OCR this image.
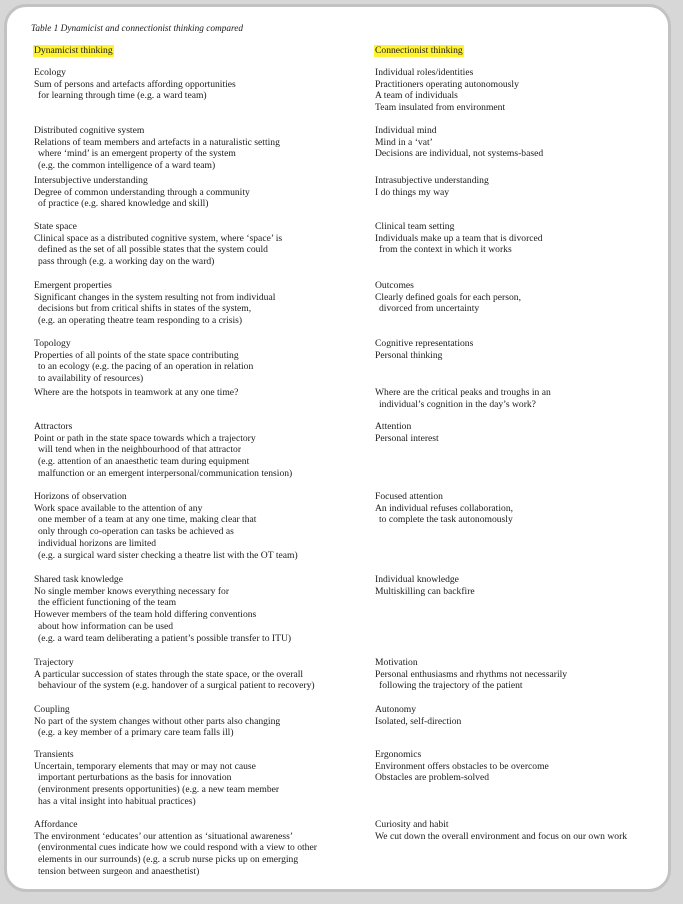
Table 1 Dynamicist and connectionist thinking compared
Dynamicist thinking	Connectionist thinking
Ecology
Sum of persons and artefacts affording opportunities
for learning through time (e.g. a ward team)
Individual roles/identities
Practitioners operating autonomously
A team of individuals
Team insulated from environment
Distributed cognitive system
Relations of team members and artefacts in a naturalistic setting
where ‘mind’ is an emergent property of the system
(e.g. the common intelligence of a ward team)
Individual mind
Mind in a ‘vat’
Decisions are individual, not systems-based
Intersubjective understanding
Degree of common understanding through a community
of practice (e.g. shared knowledge and skill)
Intrasubjective understanding
I do things my way
State space
Clinical space as a distributed cognitive system, where ‘space’ is
defined as the set of all possible states that the system could
pass through (e.g. a working day on the ward)
Clinical team setting
Individuals make up a team that is divorced
from the context in which it works
Emergent properties
Significant changes in the system resulting not from individual
decisions but from critical shifts in states of the system,
(e.g. an operating theatre team responding to a crisis)
Outcomes
Clearly defined goals for each person,
divorced from uncertainty
Topology
Properties of all points of the state space contributing
to an ecology (e.g. the pacing of an operation in relation
to availability of resources)
Cognitive representations
Personal thinking
Where are the hotspots in teamwork at any one time?	Where are the critical peaks and troughs in an
individual’s cognition in the day’s work?
Attractors
Point or path in the state space towards which a trajectory
will tend when in the neighbourhood of that attractor
(e.g. attention of an anaesthetic team during equipment
malfunction or an emergent interpersonal/communication tension)
Attention
Personal interest
Horizons of observation
Work space available to the attention of any
one member of a team at any one time, making clear that
only through co-operation can tasks be achieved as
individual horizons are limited
(e.g. a surgical ward sister checking a theatre list with the OT team)
Focused attention
An individual refuses collaboration,
to complete the task autonomously
Shared task knowledge
No single member knows everything necessary for
the efficient functioning of the team
However members of the team hold differing conventions
about how information can be used
(e.g. a ward team deliberating a patient’s possible transfer to ITU)
Individual knowledge
Multiskilling can backfire
Trajectory
A particular succession of states through the state space, or the overall
behaviour of the system (e.g. handover of a surgical patient to recovery)
Motivation
Personal enthusiasms and rhythms not necessarily
following the trajectory of the patient
Coupling
No part of the system changes without other parts also changing
(e.g. a key member of a primary care team falls ill)
Autonomy
Isolated, self-direction
Transients
Uncertain, temporary elements that may or may not cause
important perturbations as the basis for innovation
(environment presents opportunities) (e.g. a new team member
has a vital insight into habitual practices)
Ergonomics
Environment offers obstacles to be overcome
Obstacles are problem-solved
Affordance
The environment ‘educates’ our attention as ‘situational awareness’
(environmental cues indicate how we could respond with a view to other
elements in our surrounds) (e.g. a scrub nurse picks up on emerging
tension between surgeon and anaesthetist)
Curiosity and habit
We cut down the overall environment and focus on our own work
